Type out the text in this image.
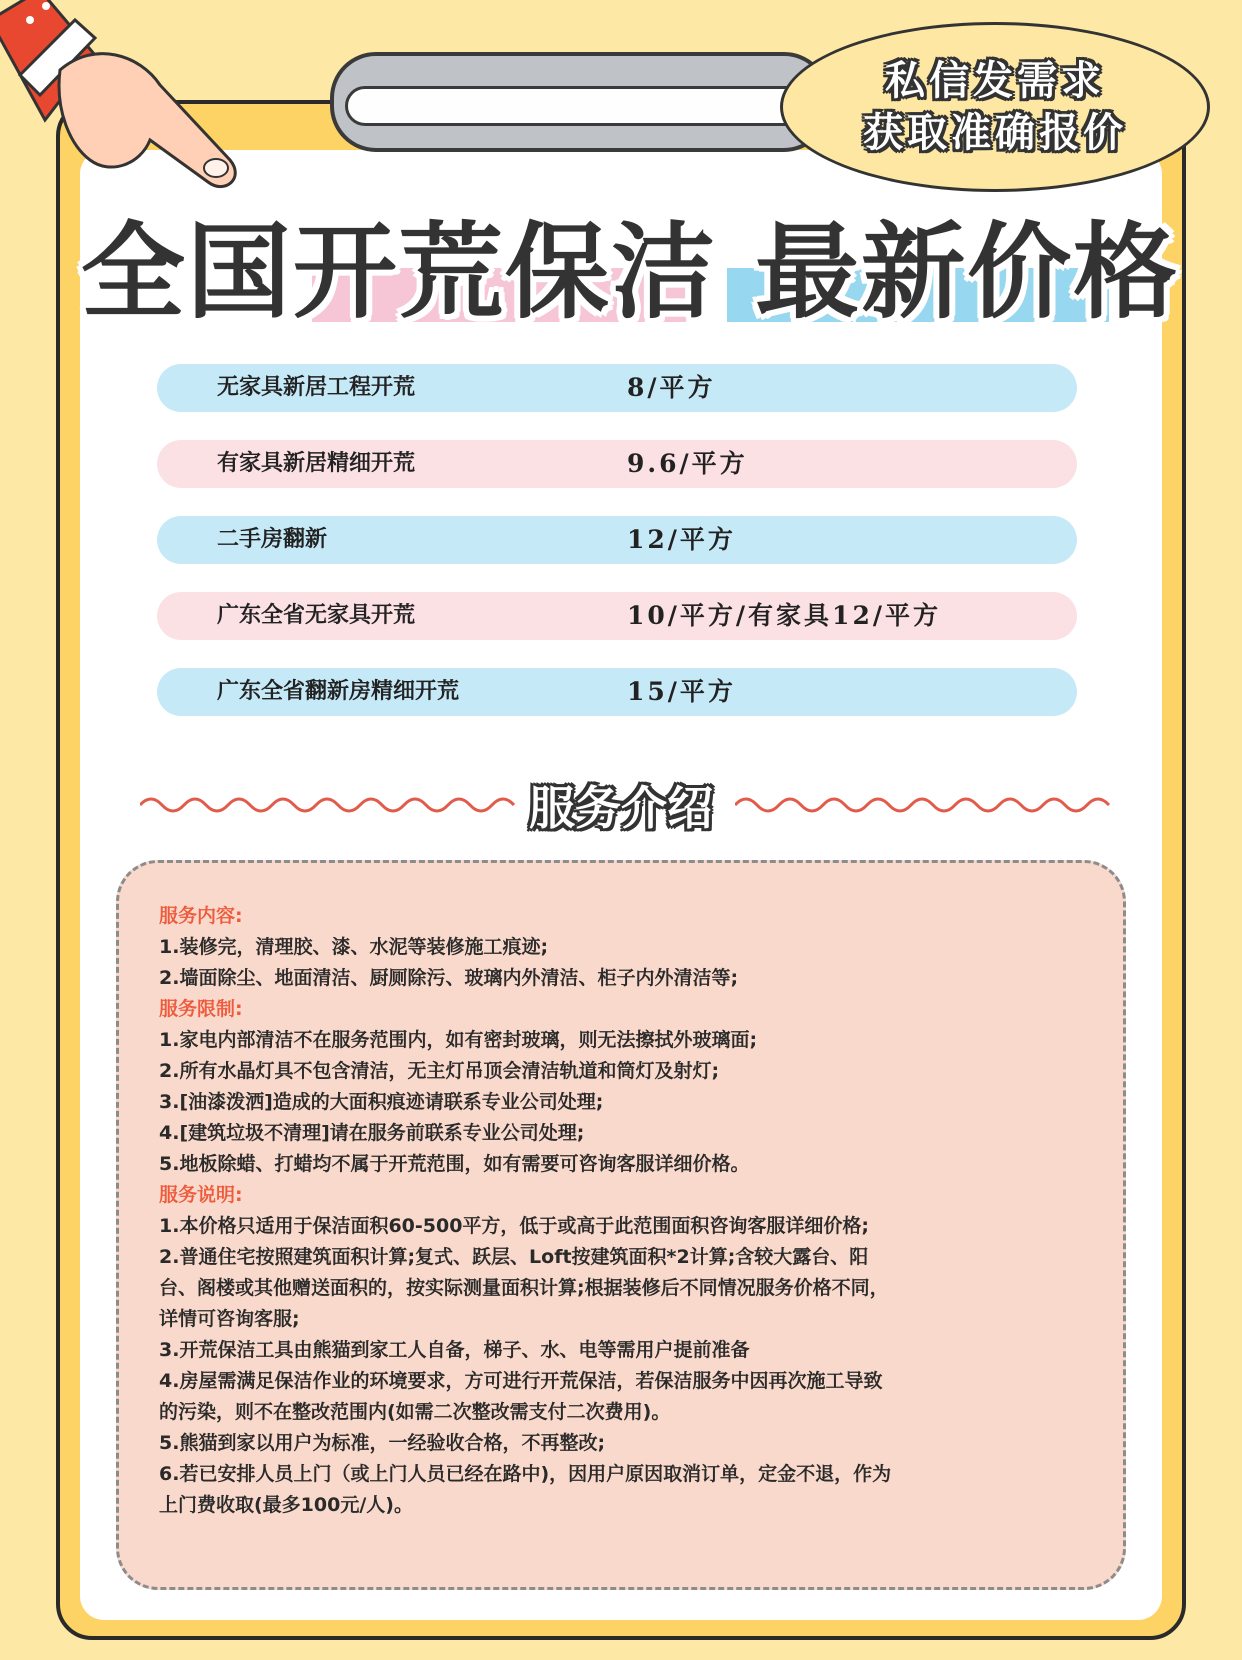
私信发需求
获取准确报价
全国开荒保洁 最新价格
无家具新居工程开荒	8/平方
有家具新居精细开荒	9.6/平方
二手房翻新	12/平方
广东全省无家具开荒	10/平方/有家具12/平方
广东全省翻新房精细开荒	15/平方
服务介绍
服务内容:
1.装修完，清理胶、漆、水泥等装修施工痕迹;
2.墙面除尘、地面清洁、厨厕除污、玻璃内外清洁、柜子内外清洁等;
服务限制:
1.家电内部清洁不在服务范围内，如有密封玻璃，则无法擦拭外玻璃面;
2.所有水晶灯具不包含清洁，无主灯吊顶会清洁轨道和筒灯及射灯;
3.[油漆泼洒]造成的大面积痕迹请联系专业公司处理;
4.[建筑垃圾不清理]请在服务前联系专业公司处理;
5.地板除蜡、打蜡均不属于开荒范围，如有需要可咨询客服详细价格。
服务说明:
1.本价格只适用于保洁面积60-500平方，低于或高于此范围面积咨询客服详细价格;
2.普通住宅按照建筑面积计算;复式、跃层、Loft按建筑面积*2计算;含较大露台、阳
台、阁楼或其他赠送面积的，按实际测量面积计算;根据装修后不同情况服务价格不同，
详情可咨询客服;
3.开荒保洁工具由熊猫到家工人自备，梯子、水、电等需用户提前准备
4.房屋需满足保洁作业的环境要求，方可进行开荒保洁，若保洁服务中因再次施工导致
的污染，则不在整改范围内(如需二次整改需支付二次费用)。
5.熊猫到家以用户为标准，一经验收合格，不再整改;
6.若已安排人员上门（或上门人员已经在路中)，因用户原因取消订单，定金不退，作为
上门费收取(最多100元/人)。
